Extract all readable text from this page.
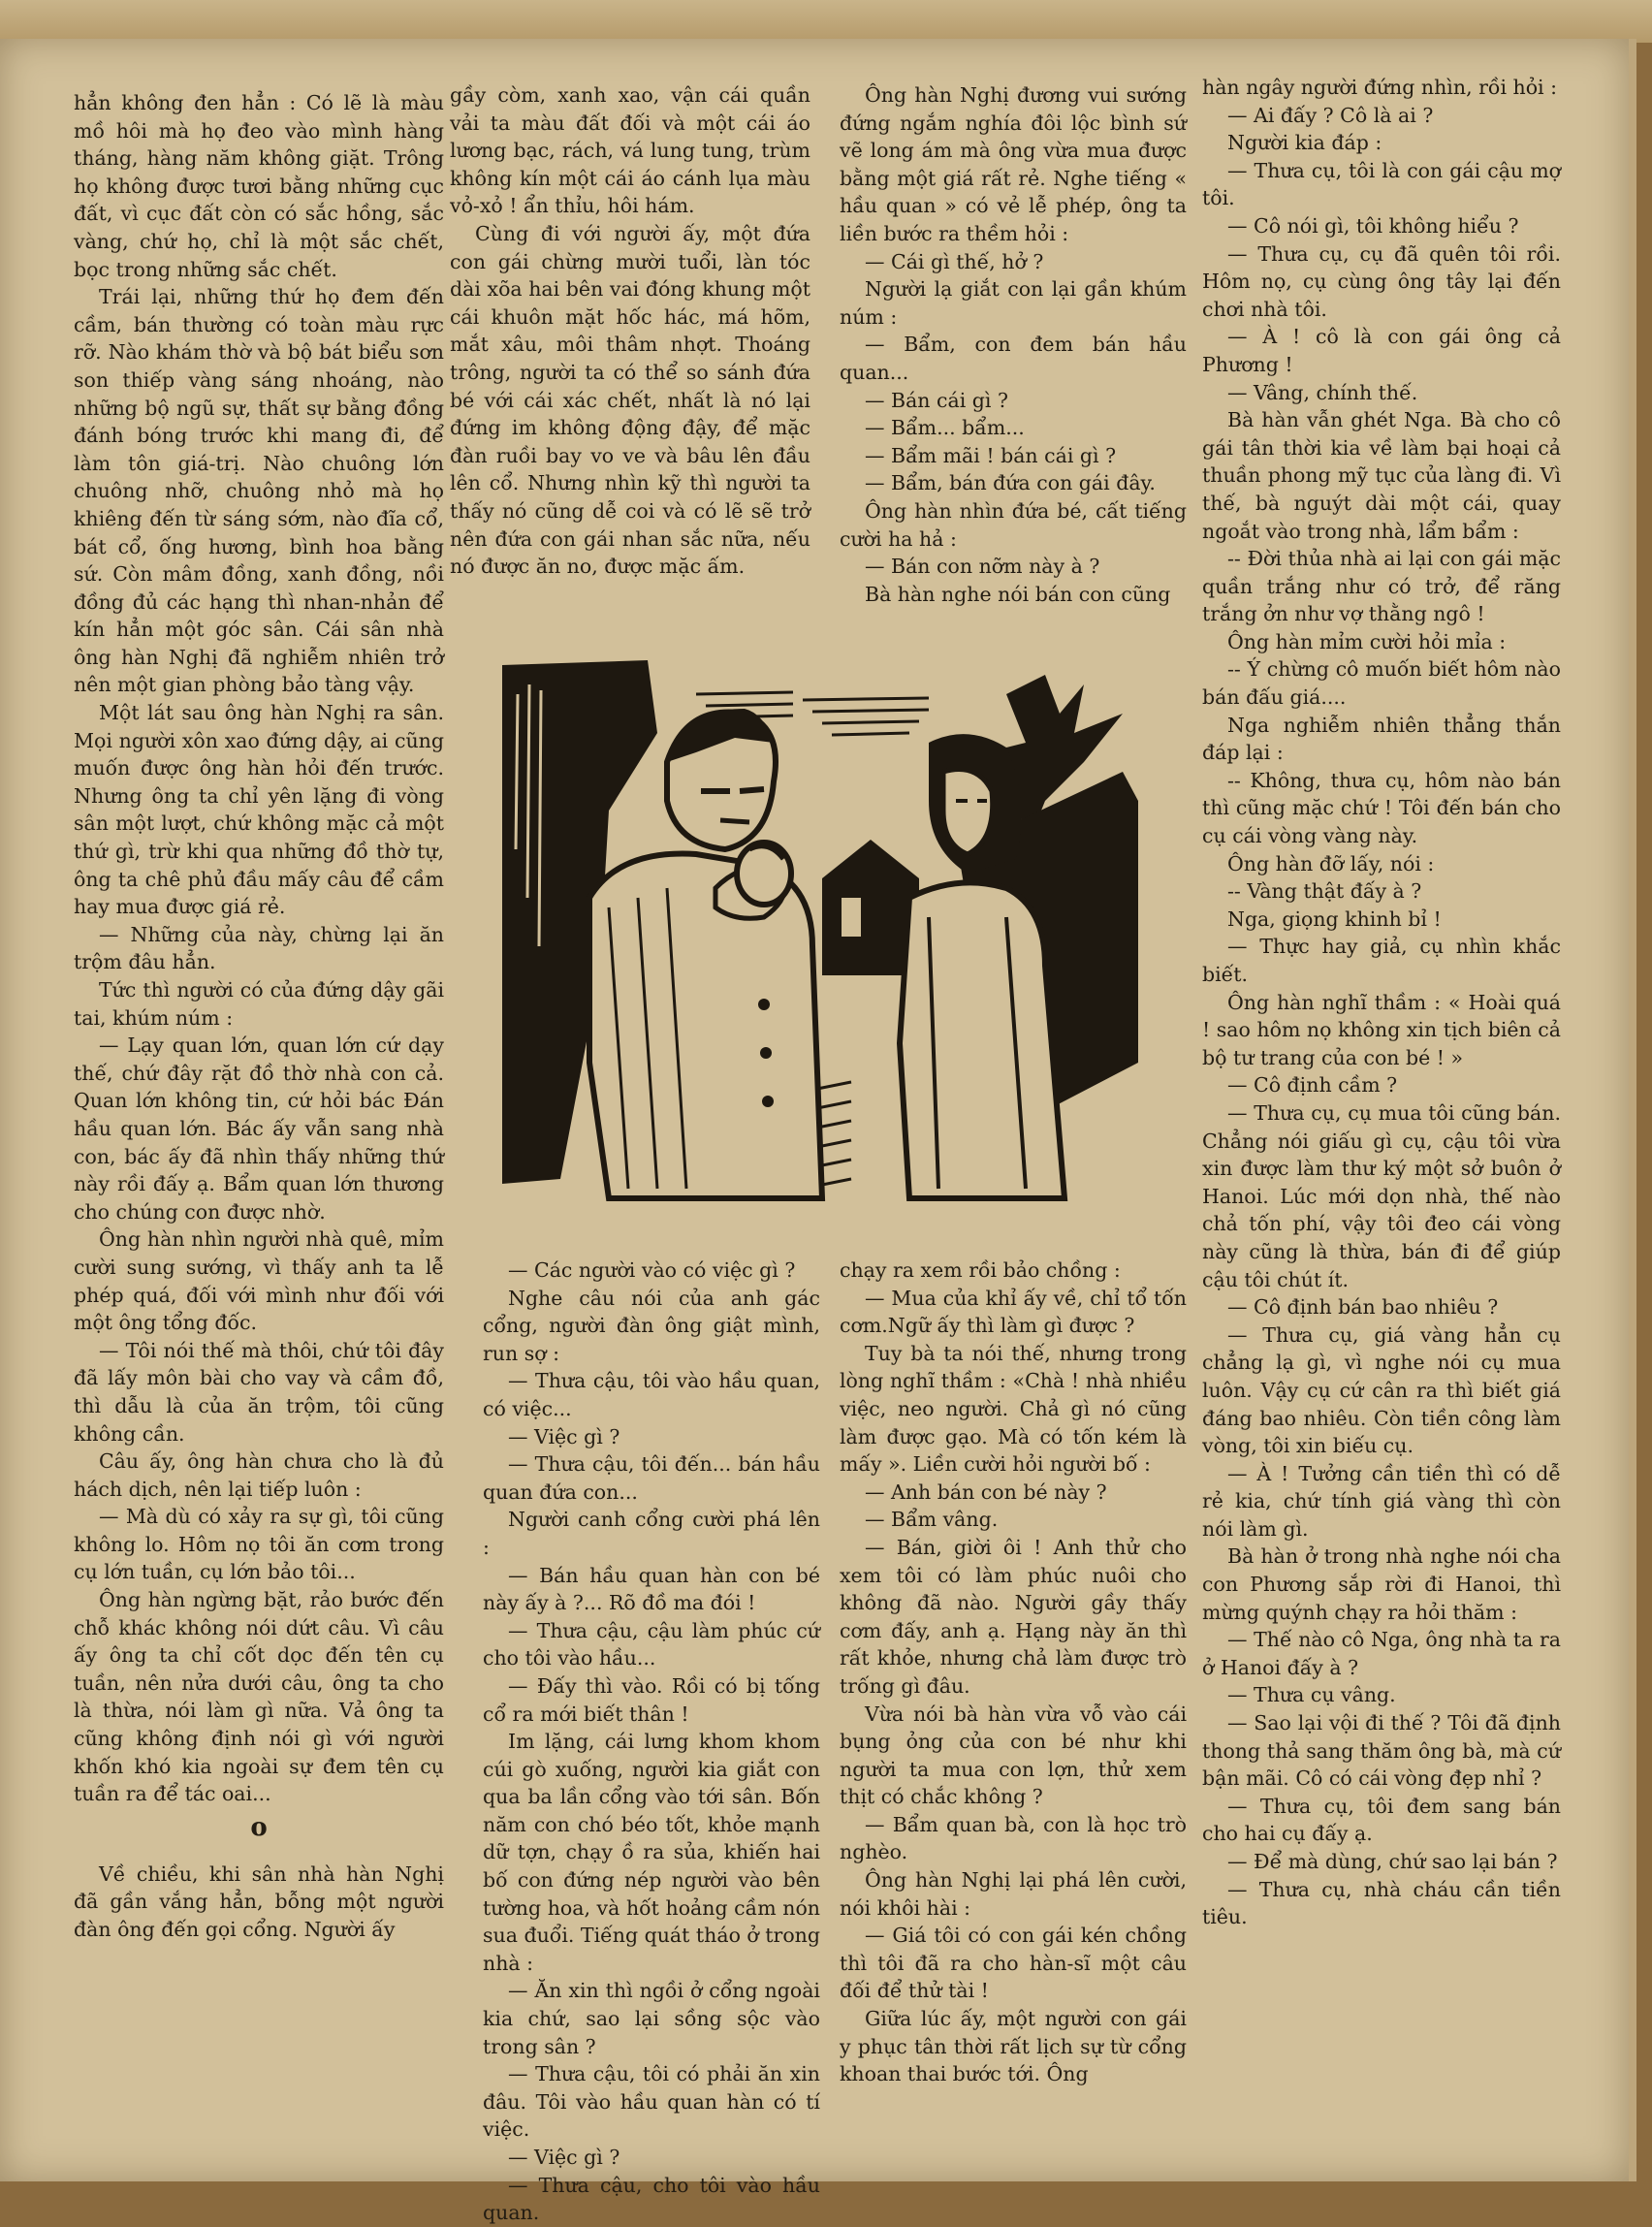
hẳn không đen hẳn : Có lẽ là màu mồ hôi mà họ đeo vào mình hàng tháng, hàng năm không giặt. Trông họ không được tươi bằng những cục đất, vì cục đất còn có sắc hồng, sắc vàng, chứ họ, chỉ là một sắc chết, bọc trong những sắc chết.

Trái lại, những thứ họ đem đến cầm, bán thường có toàn màu rực rỡ. Nào khám thờ và bộ bát biểu sơn son thiếp vàng sáng nhoáng, nào những bộ ngũ sự, thất sự bằng đồng đánh bóng trước khi mang đi, để làm tôn giá-trị. Nào chuông lớn chuông nhỡ, chuông nhỏ mà họ khiêng đến từ sáng sớm, nào đĩa cổ, bát cổ, ống hương, bình hoa bằng sứ. Còn mâm đồng, xanh đồng, nồi đồng đủ các hạng thì nhan-nhản để kín hẳn một góc sân. Cái sân nhà ông hàn Nghị đã nghiễm nhiên trở nên một gian phòng bảo tàng vậy.

Một lát sau ông hàn Nghị ra sân. Mọi người xôn xao đứng dậy, ai cũng muốn được ông hàn hỏi đến trước. Nhưng ông ta chỉ yên lặng đi vòng sân một lượt, chứ không mặc cả một thứ gì, trừ khi qua những đồ thờ tự, ông ta chê phủ đầu mấy câu để cầm hay mua được giá rẻ.

— Những của này, chừng lại ăn trộm đâu hẳn.

Tức thì người có của đứng dậy gãi tai, khúm núm :

— Lạy quan lớn, quan lớn cứ dạy thế, chứ đây rặt đồ thờ nhà con cả. Quan lớn không tin, cứ hỏi bác Đán hầu quan lớn. Bác ấy vẫn sang nhà con, bác ấy đã nhìn thấy những thứ này rồi đấy ạ. Bẩm quan lớn thương cho chúng con được nhờ.

Ông hàn nhìn người nhà quê, mỉm cười sung sướng, vì thấy anh ta lễ phép quá, đối với mình như đối với một ông tổng đốc.

— Tôi nói thế mà thôi, chứ tôi đây đã lấy môn bài cho vay và cầm đồ, thì dẫu là của ăn trộm, tôi cũng không cần.

Câu ấy, ông hàn chưa cho là đủ hách dịch, nên lại tiếp luôn :

— Mà dù có xảy ra sự gì, tôi cũng không lo. Hôm nọ tôi ăn cơm trong cụ lớn tuần, cụ lớn bảo tôi...

Ông hàn ngừng bặt, rảo bước đến chỗ khác không nói dứt câu. Vì câu ấy ông ta chỉ cốt dọc đến tên cụ tuần, nên nửa dưới câu, ông ta cho là thừa, nói làm gì nữa. Vả ông ta cũng không định nói gì với người khốn khó kia ngoài sự đem tên cụ tuần ra để tác oai...

o

Về chiều, khi sân nhà hàn Nghị đã gần vắng hẳn, bỗng một người đàn ông đến gọi cổng. Người ấy

gầy còm, xanh xao, vận cái quần vải ta màu đất đối và một cái áo lương bạc, rách, vá lung tung, trùm không kín một cái áo cánh lụa màu vỏ-xỏ ! ẩn thỉu, hôi hám.

Cùng đi với người ấy, một đứa con gái chừng mười tuổi, làn tóc dài xõa hai bên vai đóng khung một cái khuôn mặt hốc hác, má hõm, mắt xâu, môi thâm nhợt. Thoáng trông, người ta có thể so sánh đứa bé với cái xác chết, nhất là nó lại đứng im không động đậy, để mặc đàn ruồi bay vo ve và bâu lên đầu lên cổ. Nhưng nhìn kỹ thì người ta thấy nó cũng dễ coi và có lẽ sẽ trở nên đứa con gái nhan sắc nữa, nếu nó được ăn no, được mặc ấm.

Ông hàn Nghị đương vui sướng đứng ngắm nghía đôi lộc bình sứ vẽ long ám mà ông vừa mua được bằng một giá rất rẻ. Nghe tiếng « hầu quan » có vẻ lễ phép, ông ta liền bước ra thềm hỏi :

— Cái gì thế, hở ?

Người lạ giắt con lại gần khúm núm :

— Bẩm, con đem bán hầu quan...

— Bán cái gì ?

— Bẩm... bẩm...

— Bẩm mãi ! bán cái gì ?

— Bẩm, bán đứa con gái đây.

Ông hàn nhìn đứa bé, cất tiếng cười ha hả :

— Bán con nỡm này à ?

Bà hàn nghe nói bán con cũng

— Các người vào có việc gì ?

Nghe câu nói của anh gác cổng, người đàn ông giật mình, run sợ :

— Thưa cậu, tôi vào hầu quan, có việc...

— Việc gì ?

— Thưa cậu, tôi đến... bán hầu quan đứa con...

Người canh cổng cười phá lên :

— Bán hầu quan hàn con bé này ấy à ?... Rõ đồ ma đói !

— Thưa cậu, cậu làm phúc cứ cho tôi vào hầu...

— Đấy thì vào. Rồi có bị tống cổ ra mới biết thân !

Im lặng, cái lưng khom khom cúi gò xuống, người kia giắt con qua ba lần cổng vào tới sân. Bốn năm con chó béo tốt, khỏe mạnh dữ tợn, chạy ồ ra sủa, khiến hai bố con đứng nép người vào bên tường hoa, và hốt hoảng cầm nón sua đuổi. Tiếng quát tháo ở trong nhà :

— Ăn xin thì ngồi ở cổng ngoài kia chứ, sao lại sồng sộc vào trong sân ?

— Thưa cậu, tôi có phải ăn xin đâu. Tôi vào hầu quan hàn có tí việc.

— Việc gì ?

— Thưa cậu, cho tôi vào hầu quan.

chạy ra xem rồi bảo chồng :

— Mua của khỉ ấy về, chỉ tổ tốn cơm.Ngữ ấy thì làm gì được ?

Tuy bà ta nói thế, nhưng trong lòng nghĩ thầm : «Chà ! nhà nhiều việc, neo người. Chả gì nó cũng làm được gạo. Mà có tốn kém là mấy ». Liền cười hỏi người bố :

— Anh bán con bé này ?

— Bẩm vâng.

— Bán, giời ôi ! Anh thử cho xem tôi có làm phúc nuôi cho không đã nào. Người gầy thấy cơm đấy, anh ạ. Hạng này ăn thì rất khỏe, nhưng chả làm được trò trống gì đâu.

Vừa nói bà hàn vừa vỗ vào cái bụng ỏng của con bé như khi người ta mua con lợn, thử xem thịt có chắc không ?

— Bẩm quan bà, con là học trò nghèo.

Ông hàn Nghị lại phá lên cười, nói khôi hài :

— Giá tôi có con gái kén chồng thì tôi đã ra cho hàn-sĩ một câu đối để thử tài !

Giữa lúc ấy, một người con gái y phục tân thời rất lịch sự từ cổng khoan thai bước tới. Ông

hàn ngây người đứng nhìn, rồi hỏi :

— Ai đấy ? Cô là ai ?

Người kia đáp :

— Thưa cụ, tôi là con gái cậu mợ tôi.

— Cô nói gì, tôi không hiểu ?

— Thưa cụ, cụ đã quên tôi rồi. Hôm nọ, cụ cùng ông tây lại đến chơi nhà tôi.

— À ! cô là con gái ông cả Phương !

— Vâng, chính thế.

Bà hàn vẫn ghét Nga. Bà cho cô gái tân thời kia về làm bại hoại cả thuần phong mỹ tục của làng đi. Vì thế, bà nguýt dài một cái, quay ngoắt vào trong nhà, lẩm bẩm :

-- Đời thủa nhà ai lại con gái mặc quần trắng như có trở, để răng trắng ởn như vợ thằng ngô !

Ông hàn mỉm cười hỏi mỉa :

-- Ý chừng cô muốn biết hôm nào bán đấu giá....

Nga nghiễm nhiên thẳng thắn đáp lại :

-- Không, thưa cụ, hôm nào bán thì cũng mặc chứ ! Tôi đến bán cho cụ cái vòng vàng này.

Ông hàn đỡ lấy, nói :

-- Vàng thật đấy à ?

Nga, giọng khinh bỉ !

— Thực hay giả, cụ nhìn khắc biết.

Ông hàn nghĩ thầm : « Hoài quá ! sao hôm nọ không xin tịch biên cả bộ tư trang của con bé ! »

— Cô định cầm ?

— Thưa cụ, cụ mua tôi cũng bán. Chẳng nói giấu gì cụ, cậu tôi vừa xin được làm thư ký một sở buôn ở Hanoi. Lúc mới dọn nhà, thế nào chả tốn phí, vậy tôi đeo cái vòng này cũng là thừa, bán đi để giúp cậu tôi chút ít.

— Cô định bán bao nhiêu ?

— Thưa cụ, giá vàng hẳn cụ chẳng lạ gì, vì nghe nói cụ mua luôn. Vậy cụ cứ cân ra thì biết giá đáng bao nhiêu. Còn tiền công làm vòng, tôi xin biếu cụ.

— À ! Tưởng cần tiền thì có dễ rẻ kia, chứ tính giá vàng thì còn nói làm gì.

Bà hàn ở trong nhà nghe nói cha con Phương sắp rời đi Hanoi, thì mừng quýnh chạy ra hỏi thăm :

— Thế nào cô Nga, ông nhà ta ra ở Hanoi đấy à ?

— Thưa cụ vâng.

— Sao lại vội đi thế ? Tôi đã định thong thả sang thăm ông bà, mà cứ bận mãi. Cô có cái vòng đẹp nhỉ ?

— Thưa cụ, tôi đem sang bán cho hai cụ đấy ạ.

— Để mà dùng, chứ sao lại bán ?

— Thưa cụ, nhà cháu cần tiền tiêu.
